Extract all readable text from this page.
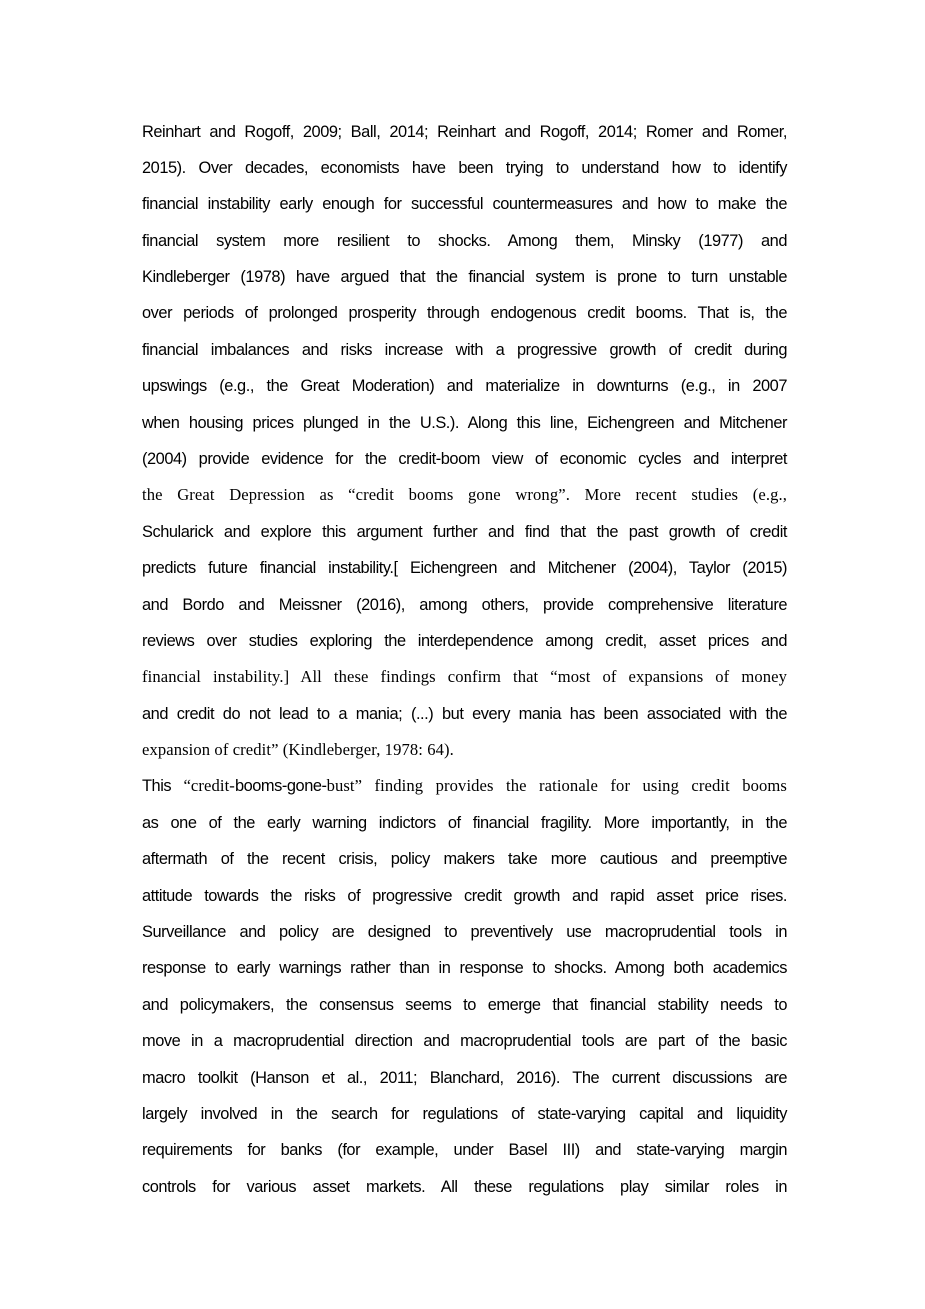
Reinhart and Rogoff, 2009; Ball, 2014; Reinhart and Rogoff, 2014; Romer and Romer,
2015). Over decades, economists have been trying to understand how to identify
financial instability early enough for successful countermeasures and how to make the
financial system more resilient to shocks. Among them, Minsky (1977) and
Kindleberger (1978) have argued that the financial system is prone to turn unstable
over periods of prolonged prosperity through endogenous credit booms. That is, the
financial imbalances and risks increase with a progressive growth of credit during
upswings (e.g., the Great Moderation) and materialize in downturns (e.g., in 2007
when housing prices plunged in the U.S.). Along this line, Eichengreen and Mitchener
(2004) provide evidence for the credit-boom view of economic cycles and interpret
the Great Depression as “credit booms gone wrong”. More recent studies (e.g.,
Schularick and explore this argument further and find that the past growth of credit
predicts future financial instability.[ Eichengreen and Mitchener (2004), Taylor (2015)
and Bordo and Meissner (2016), among others, provide comprehensive literature
reviews over studies exploring the interdependence among credit, asset prices and
financial instability.] All these findings confirm that “most of expansions of money
and credit do not lead to a mania; (...) but every mania has been associated with the
expansion of credit” (Kindleberger, 1978: 64).
This “credit-booms-gone-bust” finding provides the rationale for using credit booms
as one of the early warning indictors of financial fragility. More importantly, in the
aftermath of the recent crisis, policy makers take more cautious and preemptive
attitude towards the risks of progressive credit growth and rapid asset price rises.
Surveillance and policy are designed to preventively use macroprudential tools in
response to early warnings rather than in response to shocks. Among both academics
and policymakers, the consensus seems to emerge that financial stability needs to
move in a macroprudential direction and macroprudential tools are part of the basic
macro toolkit (Hanson et al., 2011; Blanchard, 2016). The current discussions are
largely involved in the search for regulations of state-varying capital and liquidity
requirements for banks (for example, under Basel III) and state-varying margin
controls for various asset markets. All these regulations play similar roles in
